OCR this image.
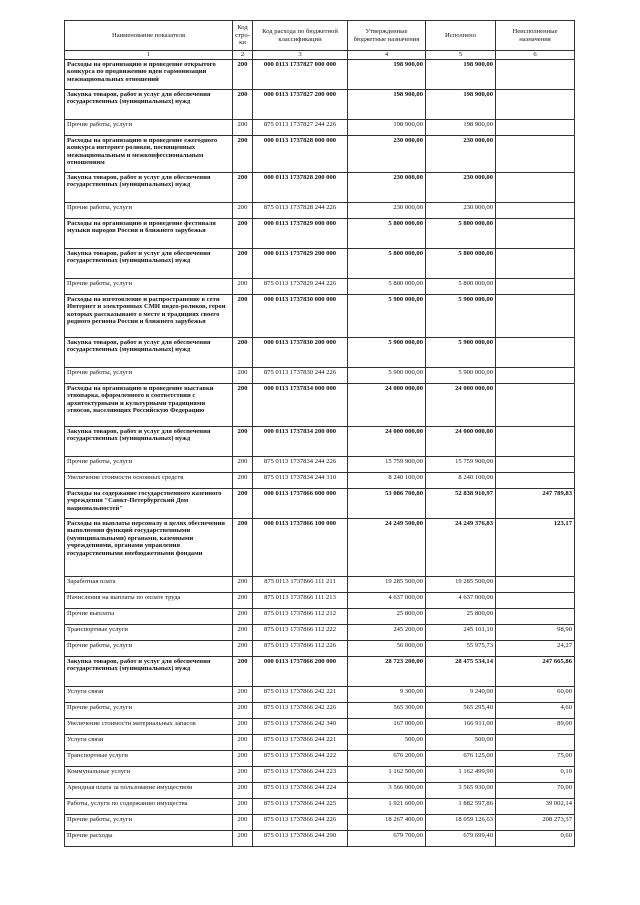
Наименование показателя	Код стро-ки	Код расхода по бюджетной классификации	Утвержденные бюджетные назначения	Исполнено	Неисполненные назначения
1	2	3	4	5	6
Расходы на организацию и проведение открытого конкурса по продвижению идеи гармонизации межнациональных отношений	200	000 0113 1737827 000 000	198 900,00	198 900,00	
Закупка товаров, работ и услуг для обеспечения государственных (муниципальных) нужд	200	000 0113 1737827 200 000	198 900,00	198 900,00	
Прочие работы, услуги	200	875 0113 1737827 244 226	198 900,00	198 900,00	
Расходы на организацию и проведение ежегодного конкурса интернет роликов, посвященных межнациональным и межконфессиональным отношениям	200	000 0113 1737828 000 000	230 000,00	230 000,00	
Закупка товаров, работ и услуг для обеспечения государственных (муниципальных) нужд	200	000 0113 1737828 200 000	230 000,00	230 000,00	
Прочие работы, услуги	200	875 0113 1737828 244 226	230 000,00	230 000,00	
Расходы на организацию и проведение фестиваля музыки народов России и ближнего зарубежья	200	000 0113 1737829 000 000	5 800 000,00	5 800 000,00	
Закупка товаров, работ и услуг для обеспечения государственных (муниципальных) нужд	200	000 0113 1737829 200 000	5 800 000,00	5 800 000,00	
Прочие работы, услуги	200	875 0113 1737829 244 226	5 800 000,00	5 800 000,00	
Расходы на изготовление и распространение в сети Интернет и электронных СМИ видео-роликов, герои которых рассказывают о месте и традициях своего родного региона России и ближнего зарубежья	200	000 0113 1737830 000 000	5 900 000,00	5 900 000,00	
Закупка товаров, работ и услуг для обеспечения государственных (муниципальных) нужд	200	000 0113 1737830 200 000	5 900 000,00	5 900 000,00	
Прочие работы, услуги	200	875 0113 1737830 244 226	5 900 000,00	5 900 000,00	
Расходы на организацию и проведение выставки этнопарка, оформленного в соответствии с архитектурными и культурными традициями этносов, населяющих Российскую Федерацию	200	000 0113 1737834 000 000	24 000 000,00	24 000 000,00	
Закупка товаров, работ и услуг для обеспечения государственных (муниципальных) нужд	200	000 0113 1737834 200 000	24 000 000,00	24 000 000,00	
Прочие работы, услуги	200	875 0113 1737834 244 226	15 759 900,00	15 759 900,00	
Увеличение стоимости основных средств	200	875 0113 1737834 244 310	8 240 100,00	8 240 100,00	
Расходы на содержание государственного казенного учреждения "Санкт-Петербургский Дом национальностей"	200	000 0113 1737866 000 000	53 086 700,80	52 838 910,97	247 789,83
Расходы на выплаты персоналу в целях обеспечения выполнения функций государственными (муниципальными) органами, казенными учреждениями, органами управления государственными внебюджетными фондами	200	000 0113 1737866 100 000	24 249 500,00	24 249 376,83	123,17
Заработная плата	200	875 0113 1737866 111 211	19 285 500,00	19 285 500,00	
Начисления на выплаты по оплате труда	200	875 0113 1737866 111 213	4 637 000,00	4 637 000,00	
Прочие выплаты	200	875 0113 1737866 112 212	25 800,00	25 800,00	
Транспортные услуги	200	875 0113 1737866 112 222	245 200,00	245 101,10	98,90
Прочие работы, услуги	200	875 0113 1737866 112 226	56 000,00	55 975,73	24,27
Закупка товаров, работ и услуг для обеспечения государственных (муниципальных) нужд	200	000 0113 1737866 200 000	28 723 200,00	28 475 534,14	247 665,86
Услуги связи	200	875 0113 1737866 242 221	9 300,00	9 240,00	60,00
Прочие работы, услуги	200	875 0113 1737866 242 226	565 300,00	565 295,40	4,60
Увеличение стоимости материальных запасов	200	875 0113 1737866 242 340	167 000,00	166 911,00	89,00
Услуги связи	200	875 0113 1737866 244 221	500,00	500,00	
Транспортные услуги	200	875 0113 1737866 244 222	676 200,00	676 125,00	75,00
Коммунальные услуги	200	875 0113 1737866 244 223	1 162 500,00	1 162 499,90	0,10
Арендная плата за пользование имуществом	200	875 0113 1737866 244 224	3 566 000,00	3 565 930,00	70,00
Работы, услуги по содержанию имущества	200	875 0113 1737866 244 225	1 921 600,00	1 882 597,86	39 002,14
Прочие работы, услуги	200	875 0113 1737866 244 226	18 267 400,00	18 059 126,63	208 273,37
Прочие расходы	200	875 0113 1737866 244 290	679 700,00	679 699,40	0,60
